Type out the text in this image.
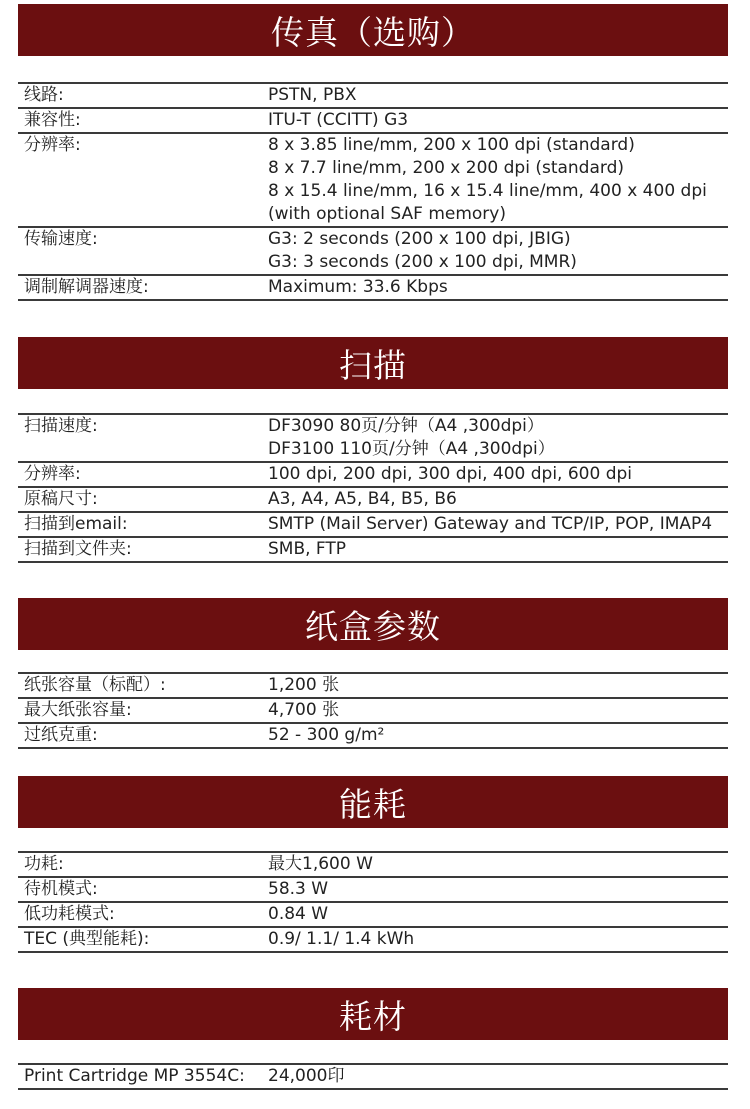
传真（选购）
线路:	PSTN, PBX
兼容性:	ITU-T (CCITT) G3
分辨率:	8 x 3.85 line/mm, 200 x 100 dpi (standard)
8 x 7.7 line/mm, 200 x 200 dpi (standard)
8 x 15.4 line/mm, 16 x 15.4 line/mm, 400 x 400 dpi
(with optional SAF memory)
传输速度:	G3: 2 seconds (200 x 100 dpi, JBIG)
G3: 3 seconds (200 x 100 dpi, MMR)
调制解调器速度:	Maximum: 33.6 Kbps
扫描
扫描速度:	DF3090 80页/分钟（A4 ,300dpi）
DF3100 110页/分钟（A4 ,300dpi）
分辨率:	100 dpi, 200 dpi, 300 dpi, 400 dpi, 600 dpi
原稿尺寸:	A3, A4, A5, B4, B5, B6
扫描到email:	SMTP (Mail Server) Gateway and TCP/IP, POP, IMAP4
扫描到文件夹:	SMB, FTP
纸盒参数
纸张容量（标配）:	1,200 张
最大纸张容量:	4,700 张
过纸克重:	52 - 300 g/m²
能耗
功耗:	最大1,600 W
待机模式:	58.3 W
低功耗模式:	0.84 W
TEC (典型能耗):	0.9/ 1.1/ 1.4 kWh
耗材
Print Cartridge MP 3554C:	24,000印
